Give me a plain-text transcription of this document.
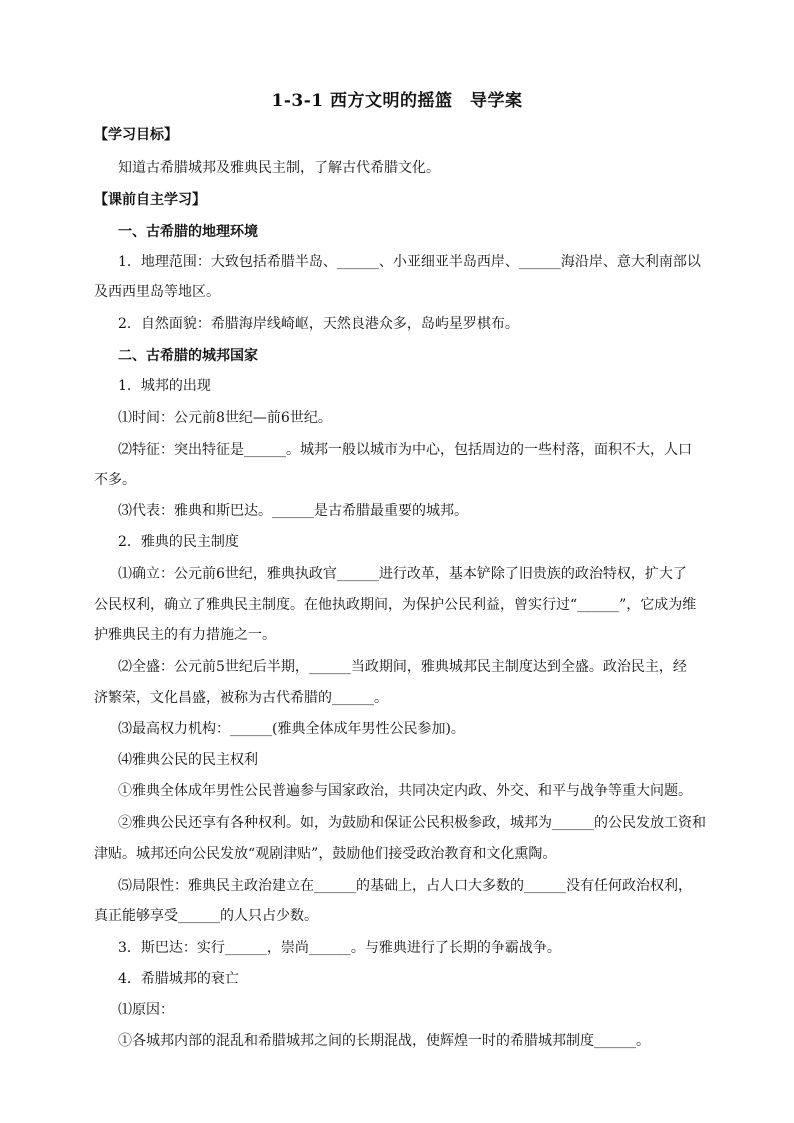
1-3-1 西方文明的摇篮　导学案
【学习目标】
知道古希腊城邦及雅典民主制，了解古代希腊文化。
【课前自主学习】
一、古希腊的地理环境
1．地理范围：大致包括希腊半岛、______、小亚细亚半岛西岸、______海沿岸、意大利南部以
及西西里岛等地区。
2．自然面貌：希腊海岸线崎岖，天然良港众多，岛屿星罗棋布。
二、古希腊的城邦国家
1．城邦的出现
⑴时间：公元前8世纪—前6世纪。
⑵特征：突出特征是______。城邦一般以城市为中心，包括周边的一些村落，面积不大，人口
不多。
⑶代表：雅典和斯巴达。______是古希腊最重要的城邦。
2．雅典的民主制度
⑴确立：公元前6世纪，雅典执政官______进行改革，基本铲除了旧贵族的政治特权，扩大了
公民权利，确立了雅典民主制度。在他执政期间，为保护公民利益，曾实行过“______”，它成为维
护雅典民主的有力措施之一。
⑵全盛：公元前5世纪后半期，______当政期间，雅典城邦民主制度达到全盛。政治民主，经
济繁荣，文化昌盛，被称为古代希腊的______。
⑶最高权力机构：______(雅典全体成年男性公民参加)。
⑷雅典公民的民主权利
①雅典全体成年男性公民普遍参与国家政治，共同决定内政、外交、和平与战争等重大问题。
②雅典公民还享有各种权利。如，为鼓励和保证公民积极参政，城邦为______的公民发放工资和
津贴。城邦还向公民发放“观剧津贴”，鼓励他们接受政治教育和文化熏陶。
⑸局限性：雅典民主政治建立在______的基础上，占人口大多数的______没有任何政治权利，
真正能够享受______的人只占少数。
3．斯巴达：实行______，崇尚______。与雅典进行了长期的争霸战争。
4．希腊城邦的衰亡
⑴原因：
①各城邦内部的混乱和希腊城邦之间的长期混战，使辉煌一时的希腊城邦制度______。
